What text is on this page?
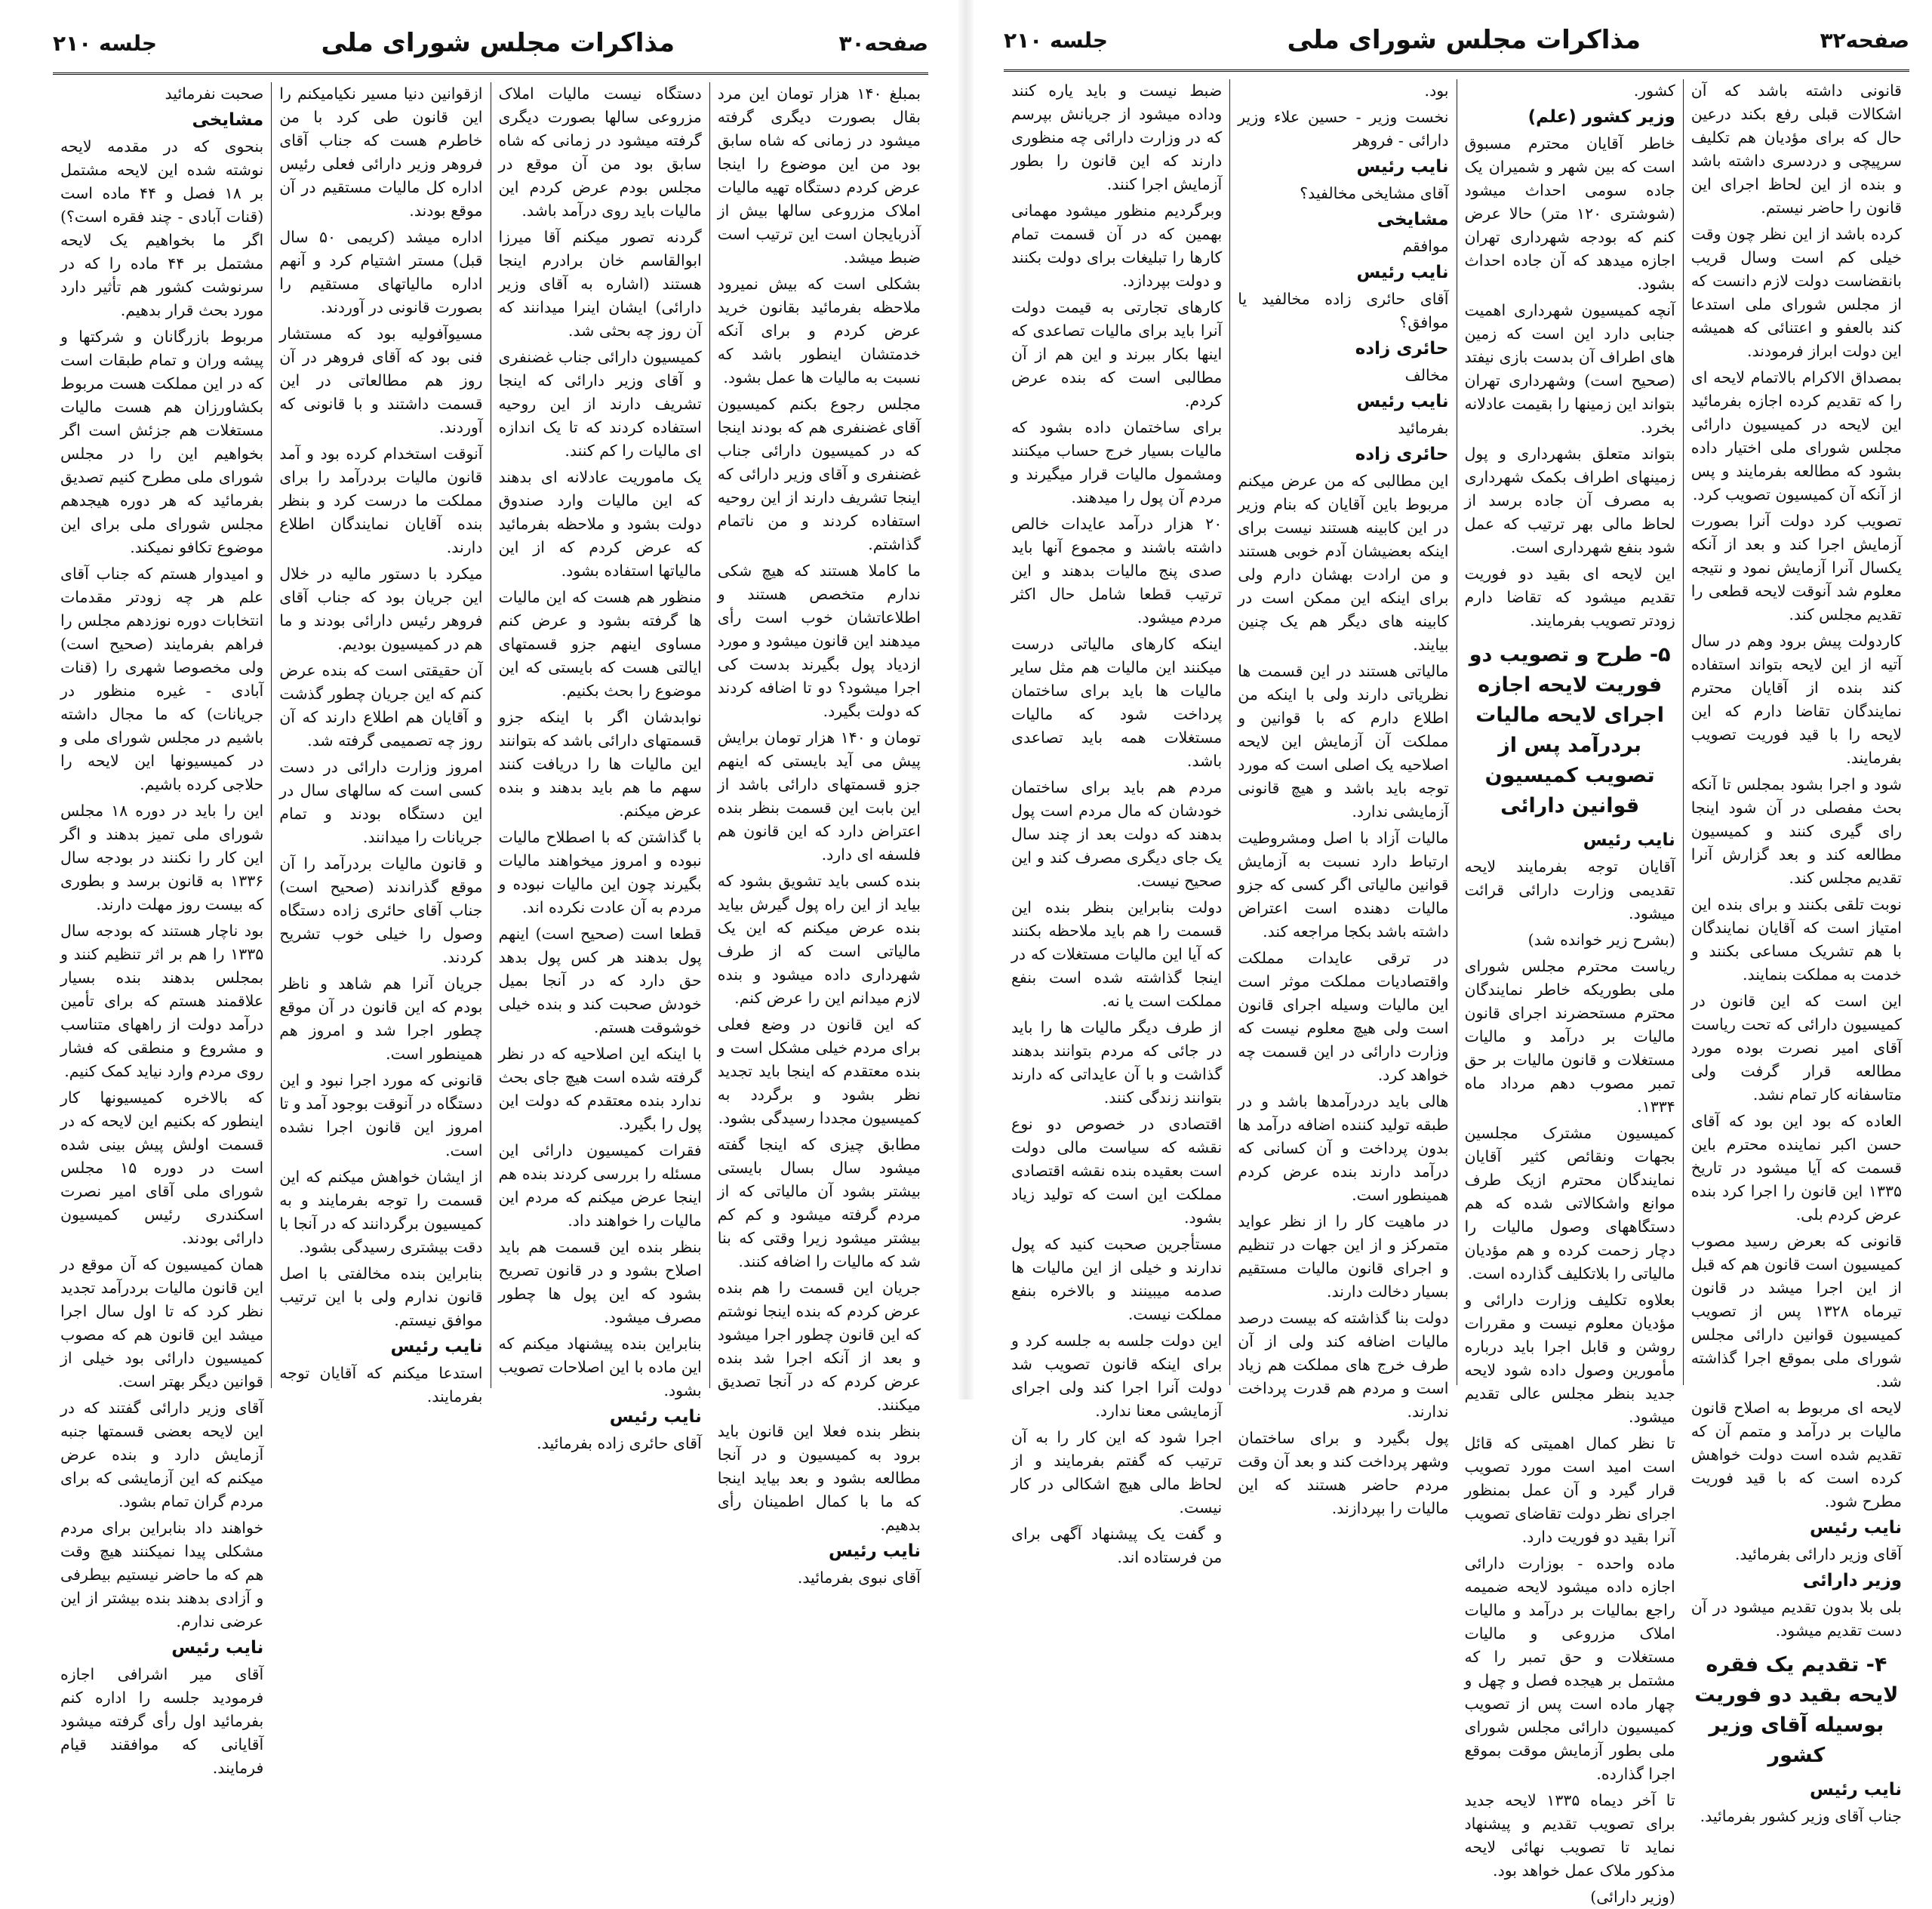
صفحه۳۰
مذاکرات مجلس شورای ملی
جلسه ۲۱۰

بمبلغ ۱۴۰ هزار تومان این مرد بقال بصورت دیگری گرفته میشود در زمانی که شاه سابق بود من این موضوع را اینجا عرض کردم دستگاه تهیه مالیات املاک مزروعی سالها بیش از آذربایجان است این ترتیب است ضبط میشد.

بشکلی است که بیش نمیرود ملاحظه بفرمائید بقانون خرید عرض کردم و برای آنکه خدمتشان اینطور باشد که نسبت به مالیات ها عمل بشود.

مجلس رجوع بکنم کمیسیون آقای غضنفری هم که بودند اینجا که در کمیسیون دارائی جناب غضنفری و آقای وزیر دارائی که اینجا تشریف دارند از این روحیه استفاده کردند و من ناتمام گذاشتم.

ما کاملا هستند که هیچ شکی ندارم متخصص هستند و اطلاعاتشان خوب است رأی میدهند این قانون میشود و مورد ازدیاد پول بگیرند بدست کی اجرا میشود؟ دو تا اضافه کردند که دولت بگیرد.

تومان و ۱۴۰ هزار تومان برایش پیش می آید بایستی که اینهم جزو قسمتهای دارائی باشد از این بابت این قسمت بنظر بنده اعتراض دارد که این قانون هم فلسفه ای دارد.

بنده کسی باید تشویق بشود که بیاید از این راه پول گیرش بیاید بنده عرض میکنم که این یک مالیاتی است که از طرف شهرداری داده میشود و بنده لازم میدانم این را عرض کنم.

که این قانون در وضع فعلی برای مردم خیلی مشکل است و بنده معتقدم که اینجا باید تجدید نظر بشود و برگردد به کمیسیون مجددا رسیدگی بشود.

مطابق چیزی که اینجا گفته میشود سال بسال بایستی بیشتر بشود آن مالیاتی که از مردم گرفته میشود و کم کم بیشتر میشود زیرا وقتی که بنا شد که مالیات را اضافه کنند.

جریان این قسمت را هم بنده عرض کردم که بنده اینجا نوشتم که این قانون چطور اجرا میشود و بعد از آنکه اجرا شد بنده عرض کردم که در آنجا تصدیق میکنند.

بنظر بنده فعلا این قانون باید برود به کمیسیون و در آنجا مطالعه بشود و بعد بیاید اینجا که ما با کمال اطمینان رأی بدهیم.

نایب رئیس

آقای نبوی بفرمائید.

دستگاه نیست مالیات املاک مزروعی سالها بصورت دیگری گرفته میشود در زمانی که شاه سابق بود من آن موقع در مجلس بودم عرض کردم این مالیات باید روی درآمد باشد.

گردنه تصور میکنم آقا میرزا ابوالقاسم خان برادرم اینجا هستند (اشاره به آقای وزیر دارائی) ایشان اینرا میدانند که آن روز چه بحثی شد.

کمیسیون دارائی جناب غضنفری و آقای وزیر دارائی که اینجا تشریف دارند از این روحیه استفاده کردند که تا یک اندازه ای مالیات را کم کنند.

یک ماموریت عادلانه ای بدهند که این مالیات وارد صندوق دولت بشود و ملاحظه بفرمائید که عرض کردم که از این مالیاتها استفاده بشود.

منظور هم هست که این مالیات ها گرفته بشود و عرض کنم مساوی اینهم جزو قسمتهای ایالتی هست که بایستی که این موضوع را بحث بکنیم.

نوابدشان اگر با اینکه جزو قسمتهای دارائی باشد که بتوانند این مالیات ها را دریافت کنند سهم ما هم باید بدهند و بنده عرض میکنم.

با گذاشتن که با اصطلاح مالیات نبوده و امروز میخواهند مالیات بگیرند چون این مالیات نبوده و مردم به آن عادت نکرده اند.

قطعا است (صحیح است) اینهم پول بدهند هر کس پول بدهد حق دارد که در آنجا بمیل خودش صحبت کند و بنده خیلی خوشوقت هستم.

با اینکه این اصلاحیه که در نظر گرفته شده است هیچ جای بحث ندارد بنده معتقدم که دولت این پول را بگیرد.

فقرات کمیسیون دارائی این مسئله را بررسی کردند بنده هم اینجا عرض میکنم که مردم این مالیات را خواهند داد.

بنظر بنده این قسمت هم باید اصلاح بشود و در قانون تصریح بشود که این پول ها چطور مصرف میشود.

بنابراین بنده پیشنهاد میکنم که این ماده با این اصلاحات تصویب بشود.

نایب رئیس

آقای حائری زاده بفرمائید.

ازقوانین دنیا مسیر نکیامیکنم را این قانون طی کرد با من خاطرم هست که جناب آقای فروهر وزیر دارائی فعلی رئیس اداره کل مالیات مستقیم در آن موقع بودند.

اداره میشد (کریمی ۵۰ سال قبل) مستر اشتیام کرد و آنهم اداره مالیاتهای مستقیم را بصورت قانونی در آوردند.

مسیوآفولیه بود که مستشار فنی بود که آقای فروهر در آن روز هم مطالعاتی در این قسمت داشتند و با قانونی که آوردند.

آنوقت استخدام کرده بود و آمد قانون مالیات بردرآمد را برای مملکت ما درست کرد و بنظر بنده آقایان نمایندگان اطلاع دارند.

میکرد با دستور مالیه در خلال این جریان بود که جناب آقای فروهر رئیس دارائی بودند و ما هم در کمیسیون بودیم.

آن حقیقتی است که بنده عرض کنم که این جریان چطور گذشت و آقایان هم اطلاع دارند که آن روز چه تصمیمی گرفته شد.

امروز وزارت دارائی در دست کسی است که سالهای سال در این دستگاه بودند و تمام جریانات را میدانند.

و قانون مالیات بردرآمد را آن موقع گذراندند (صحیح است) جناب آقای حائری زاده دستگاه وصول را خیلی خوب تشریح کردند.

جریان آنرا هم شاهد و ناظر بودم که این قانون در آن موقع چطور اجرا شد و امروز هم همینطور است.

قانونی که مورد اجرا نبود و این دستگاه در آنوقت بوجود آمد و تا امروز این قانون اجرا نشده است.

از ایشان خواهش میکنم که این قسمت را توجه بفرمایند و به کمیسیون برگردانند که در آنجا با دقت بیشتری رسیدگی بشود.

بنابراین بنده مخالفتی با اصل قانون ندارم ولی با این ترتیب موافق نیستم.

نایب رئیس

استدعا میکنم که آقایان توجه بفرمایند.

صحبت نفرمائید

مشایخی

بنحوی که در مقدمه لایحه نوشته شده این لایحه مشتمل بر ۱۸ فصل و ۴۴ ماده است (قنات آبادی - چند فقره است؟) اگر ما بخواهیم یک لایحه مشتمل بر ۴۴ ماده را که در سرنوشت کشور هم تأثیر دارد مورد بحث قرار بدهیم.

مربوط بازرگانان و شرکتها و پیشه وران و تمام طبقات است که در این مملکت هست مربوط بکشاورزان هم هست مالیات مستغلات هم جزئش است اگر بخواهیم این را در مجلس شورای ملی مطرح کنیم تصدیق بفرمائید که هر دوره هیجدهم مجلس شورای ملی برای این موضوع تکافو نمیکند.

و امیدوار هستم که جناب آقای علم هر چه زودتر مقدمات انتخابات دوره نوزدهم مجلس را فراهم بفرمایند (صحیح است) ولی مخصوصا شهری را (قنات آبادی - غیره منظور در جریانات) که ما مجال داشته باشیم در مجلس شورای ملی و در کمیسیونها این لایحه را حلاجی کرده باشیم.

این را باید در دوره ۱۸ مجلس شورای ملی تمیز بدهند و اگر این کار را نکنند در بودجه سال ۱۳۳۶ به قانون برسد و بطوری که بیست روز مهلت دارند.

بود ناچار هستند که بودجه سال ۱۳۳۵ را هم بر اثر تنظیم کنند و بمجلس بدهند بنده بسیار علاقمند هستم که برای تأمین درآمد دولت از راههای متناسب و مشروع و منطقی که فشار روی مردم وارد نیاید کمک کنیم.

که بالاخره کمیسیونها کار اینطور که بکنیم این لایحه که در قسمت اولش پیش بینی شده است در دوره ۱۵ مجلس شورای ملی آقای امیر نصرت اسکندری رئیس کمیسیون دارائی بودند.

همان کمیسیون که آن موقع در این قانون مالیات بردرآمد تجدید نظر کرد که تا اول سال اجرا میشد این قانون هم که مصوب کمیسیون دارائی بود خیلی از قوانین دیگر بهتر است.

آقای وزیر دارائی گفتند که در این لایحه بعضی قسمتها جنبه آزمایش دارد و بنده عرض میکنم که این آزمایشی که برای مردم گران تمام بشود.

خواهند داد بنابراین برای مردم مشکلی پیدا نمیکنند هیچ وقت هم که ما حاضر نیستیم بیطرفی و آزادی بدهند بنده بیشتر از این عرضی ندارم.

نایب رئیس

آقای میر اشرافی اجازه فرمودید جلسه را اداره کنم بفرمائید اول رأی گرفته میشود آقایانی که موافقند قیام فرمایند.

صفحه۳۲
مذاکرات مجلس شورای ملی
جلسه ۲۱۰

قانونی داشته باشد که آن اشکالات قبلی رفع بکند درعین حال که برای مؤدیان هم تکلیف سرپیچی و دردسری داشته باشد و بنده از این لحاظ اجرای این قانون را حاضر نیستم.

کرده باشد از این نظر چون وقت خیلی کم است وسال قریب بانقضاست دولت لازم دانست که از مجلس شورای ملی استدعا کند بالعفو و اعتنائی که همیشه این دولت ابراز فرمودند.

بمصداق الاکرام بالاتمام لایحه ای را که تقدیم کرده اجازه بفرمائید این لایحه در کمیسیون دارائی مجلس شورای ملی اختیار داده بشود که مطالعه بفرمایند و پس از آنکه آن کمیسیون تصویب کرد.

تصویب کرد دولت آنرا بصورت آزمایش اجرا کند و بعد از آنکه یکسال آنرا آزمایش نمود و نتیجه معلوم شد آنوقت لایحه قطعی را تقدیم مجلس کند.

کاردولت پیش برود وهم در سال آتیه از این لایحه بتواند استفاده کند بنده از آقایان محترم نمایندگان تقاضا دارم که این لایحه را با قید فوریت تصویب بفرمایند.

شود و اجرا بشود بمجلس تا آنکه بحث مفصلی در آن شود اینجا رای گیری کنند و کمیسیون مطالعه کند و بعد گزارش آنرا تقدیم مجلس کند.

نوبت تلقی بکنند و برای بنده این امتیاز است که آقایان نمایندگان با هم تشریک مساعی بکنند و خدمت به مملکت بنمایند.

این است که این قانون در کمیسیون دارائی که تحت ریاست آقای امیر نصرت بوده مورد مطالعه قرار گرفت ولی متاسفانه کار تمام نشد.

العاده که بود این بود که آقای حسن اکبر نماینده محترم باین قسمت که آیا میشود در تاریخ ۱۳۳۵ این قانون را اجرا کرد بنده عرض کردم بلی.

قانونی که بعرض رسید مصوب کمیسیون است قانون هم که قبل از این اجرا میشد در قانون تیرماه ۱۳۲۸ پس از تصویب کمیسیون قوانین دارائی مجلس شورای ملی بموقع اجرا گذاشته شد.

لایحه ای مربوط به اصلاح قانون مالیات بر درآمد و متمم آن که تقدیم شده است دولت خواهش کرده است که با قید فوریت مطرح شود.

نایب رئیس

آقای وزیر دارائی بفرمائید.

وزیر دارائی

بلی بلا بدون تقدیم میشود در آن دست تقدیم میشود.

۴- تقدیم یک فقره لایحه بقید دو فوریت بوسیله آقای وزیر کشور

نایب رئیس

جناب آقای وزیر کشور بفرمائید.

کشور.

وزیر کشور (علم)

خاطر آقایان محترم مسبوق است که بین شهر و شمیران یک جاده سومی احداث میشود (شوشتری ۱۲۰ متر) حالا عرض کنم که بودجه شهرداری تهران اجازه میدهد که آن جاده احداث بشود.

آنچه کمیسیون شهرداری اهمیت جنابی دارد این است که زمین های اطراف آن بدست بازی نیفتد (صحیح است) وشهرداری تهران بتواند این زمینها را بقیمت عادلانه بخرد.

بتواند متعلق بشهرداری و پول زمینهای اطراف بکمک شهرداری به مصرف آن جاده برسد از لحاظ مالی بهر ترتیب که عمل شود بنفع شهرداری است.

این لایحه ای بقید دو فوریت تقدیم میشود که تقاضا دارم زودتر تصویب بفرمایند.

۵- طرح و تصویب دو فوریت لایحه اجازه اجرای لایحه مالیات بردرآمد پس از تصویب کمیسیون قوانین دارائی

نایب رئیس

آقایان توجه بفرمایند لایحه تقدیمی وزارت دارائی قرائت میشود.

(بشرح زیر خوانده شد)

ریاست محترم مجلس شورای ملی بطوریکه خاطر نمایندگان محترم مستحضرند اجرای قانون مالیات بر درآمد و مالیات مستغلات و قانون مالیات بر حق تمبر مصوب دهم مرداد ماه ۱۳۳۴.

کمیسیون مشترک مجلسین بجهات ونقائص کثیر آقایان نمایندگان محترم ازیک طرف موانع واشکالاتی شده که هم دستگاههای وصول مالیات را دچار زحمت کرده و هم مؤدیان مالیاتی را بلاتکلیف گذارده است.

بعلاوه تکلیف وزارت دارائی و مؤدیان معلوم نیست و مقررات روشن و قابل اجرا باید درباره مأمورین وصول داده شود لایحه جدید بنظر مجلس عالی تقدیم میشود.

تا نظر کمال اهمیتی که قائل است امید است مورد تصویب قرار گیرد و آن عمل بمنظور اجرای نظر دولت تقاضای تصویب آنرا بقید دو فوریت دارد.

ماده واحده - بوزارت دارائی اجازه داده میشود لایحه ضمیمه راجع بمالیات بر درآمد و مالیات املاک مزروعی و مالیات مستغلات و حق تمبر را که مشتمل بر هیجده فصل و چهل و چهار ماده است پس از تصویب کمیسیون دارائی مجلس شورای ملی بطور آزمایش موقت بموقع اجرا گذارده.

تا آخر دیماه ۱۳۳۵ لایحه جدید برای تصویب تقدیم و پیشنهاد نماید تا تصویب نهائی لایحه مذکور ملاک عمل خواهد بود.

(وزیر دارائی)

بود.

نخست وزیر - حسین علاء وزیر دارائی - فروهر

نایب رئیس

آقای مشایخی مخالفید؟

مشایخی

موافقم

نایب رئیس

آقای حائری زاده مخالفید یا موافق؟

حائری زاده

مخالف

نایب رئیس

بفرمائید

حائری زاده

این مطالبی که من عرض میکنم مربوط باین آقایان که بنام وزیر در این کابینه هستند نیست برای اینکه بعضیشان آدم خوبی هستند و من ارادت بهشان دارم ولی برای اینکه این ممکن است در کابینه های دیگر هم یک چنین بیایند.

مالیاتی هستند در این قسمت ها نظریاتی دارند ولی با اینکه من اطلاع دارم که با قوانین و مملکت آن آزمایش این لایحه اصلاحیه یک اصلی است که مورد توجه باید باشد و هیچ قانونی آزمایشی ندارد.

مالیات آزاد با اصل ومشروطیت ارتباط دارد نسبت به آزمایش قوانین مالیاتی اگر کسی که جزو مالیات دهنده است اعتراض داشته باشد بکجا مراجعه کند.

در ترقی عایدات مملکت واقتصادیات مملکت موثر است این مالیات وسیله اجرای قانون است ولی هیچ معلوم نیست که وزارت دارائی در این قسمت چه خواهد کرد.

هالی باید دردرآمدها باشد و در طبقه تولید کننده اضافه درآمد ها بدون پرداخت و آن کسانی که درآمد دارند بنده عرض کردم همینطور است.

در ماهیت کار را از نظر عواید متمرکز و از این جهات در تنظیم و اجرای قانون مالیات مستقیم بسیار دخالت دارند.

دولت بنا گذاشته که بیست درصد مالیات اضافه کند ولی از آن طرف خرج های مملکت هم زیاد است و مردم هم قدرت پرداخت ندارند.

پول بگیرد و برای ساختمان وشهر پرداخت کند و بعد آن وقت مردم حاضر هستند که این مالیات را بپردازند.

ضبط نیست و باید یاره کنند وداده میشود از جریانش بپرسم که در وزارت دارائی چه منظوری دارند که این قانون را بطور آزمایش اجرا کنند.

وبرگردیم منظور میشود مهمانی بهمین که در آن قسمت تمام کارها را تبلیغات برای دولت بکنند و دولت بپردازد.

کارهای تجارتی به قیمت دولت آنرا باید برای مالیات تصاعدی که اینها بکار ببرند و این هم از آن مطالبی است که بنده عرض کردم.

برای ساختمان داده بشود که مالیات بسیار خرج حساب میکنند ومشمول مالیات قرار میگیرند و مردم آن پول را میدهند.

۲۰ هزار درآمد عایدات خالص داشته باشند و مجموع آنها باید صدی پنج مالیات بدهند و این ترتیب قطعا شامل حال اکثر مردم میشود.

اینکه کارهای مالیاتی درست میکنند این مالیات هم مثل سایر مالیات ها باید برای ساختمان پرداخت شود که مالیات مستغلات همه باید تصاعدی باشد.

مردم هم باید برای ساختمان خودشان که مال مردم است پول بدهند که دولت بعد از چند سال یک جای دیگری مصرف کند و این صحیح نیست.

دولت بنابراین بنظر بنده این قسمت را هم باید ملاحظه بکنند که آیا این مالیات مستغلات که در اینجا گذاشته شده است بنفع مملکت است یا نه.

از طرف دیگر مالیات ها را باید در جائی که مردم بتوانند بدهند گذاشت و با آن عایداتی که دارند بتوانند زندگی کنند.

اقتصادی در خصوص دو نوع نقشه که سیاست مالی دولت است بعقیده بنده نقشه اقتصادی مملکت این است که تولید زیاد بشود.

مستأجرین صحبت کنید که پول ندارند و خیلی از این مالیات ها صدمه میبینند و بالاخره بنفع مملکت نیست.

این دولت جلسه به جلسه کرد و برای اینکه قانون تصویب شد دولت آنرا اجرا کند ولی اجرای آزمایشی معنا ندارد.

اجرا شود که این کار را به آن ترتیب که گفتم بفرمایند و از لحاظ مالی هیچ اشکالی در کار نیست.

و گفت یک پیشنهاد آگهی برای من فرستاده اند.
